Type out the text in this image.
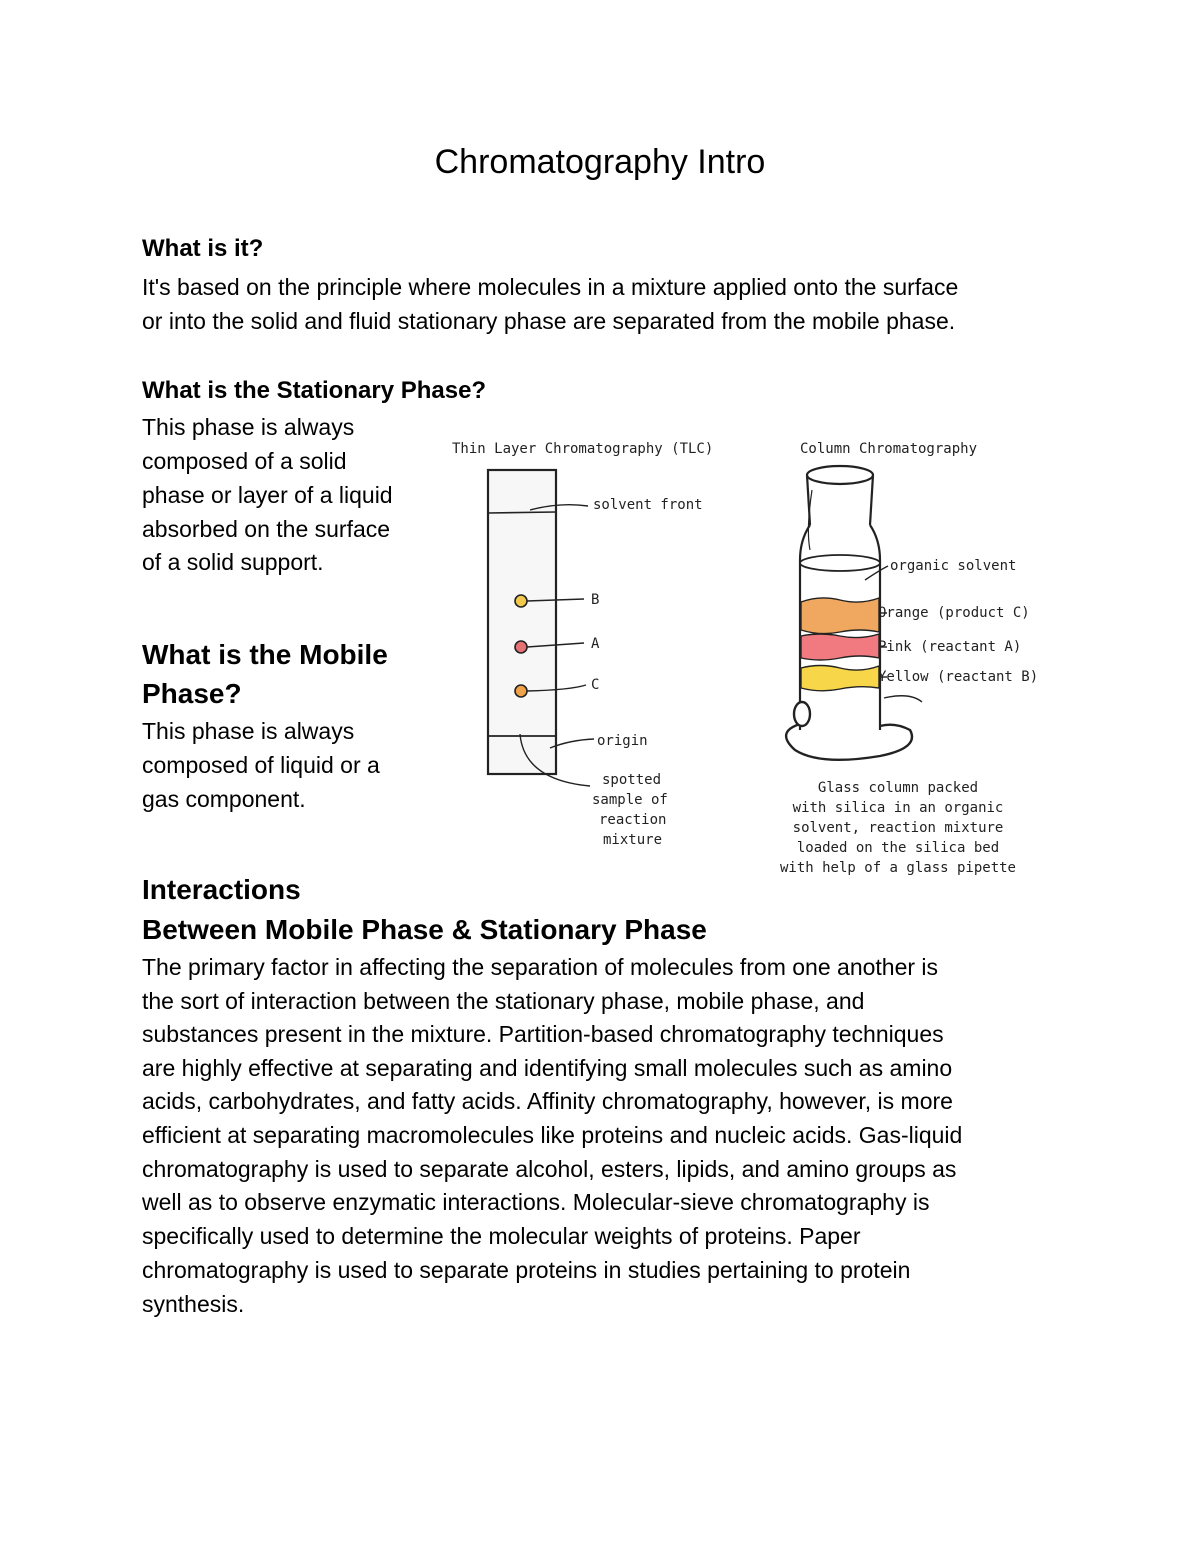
Chromatography Intro
What is it?

It's based on the principle where molecules in a mixture applied onto the surface

or into the solid and fluid stationary phase are separated from the mobile phase.

What is the Stationary Phase?

This phase is always

composed of a solid

phase or layer of a liquid

absorbed on the surface

of a solid support.

What is the Mobile
Phase?

This phase is always

composed of liquid or a

gas component.

Interactions
Between Mobile Phase & Stationary Phase

The primary factor in affecting the separation of molecules from one another is

the sort of interaction between the stationary phase, mobile phase, and

substances present in the mixture. Partition-based chromatography techniques

are highly effective at separating and identifying small molecules such as amino

acids, carbohydrates, and fatty acids. Affinity chromatography, however, is more

efficient at separating macromolecules like proteins and nucleic acids. Gas-liquid

chromatography is used to separate alcohol, esters, lipids, and amino groups as

well as to observe enzymatic interactions. Molecular-sieve chromatography is

specifically used to determine the molecular weights of proteins. Paper

chromatography is used to separate proteins in studies pertaining to protein

synthesis.

Thin Layer Chromatography (TLC)
solvent front
B
A
C
origin
spotted
sample of
reaction
mixture
Column Chromatography
organic solvent
Orange (product C)
Pink (reactant A)
Yellow (reactant B)
Glass column packed
with silica in an organic
solvent, reaction mixture
loaded on the silica bed
with help of a glass pipette
